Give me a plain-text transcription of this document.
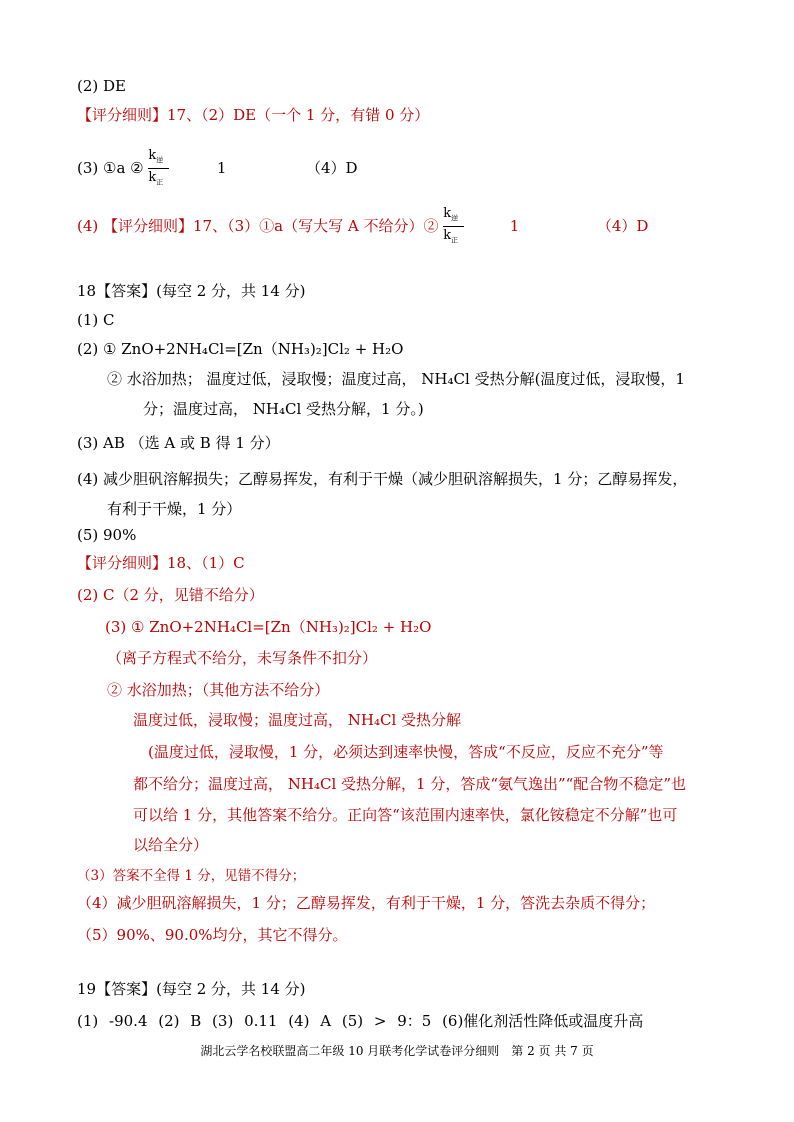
(2) DE
【评分细则】17、（2）DE（一个 1 分，有错 0 分）
(3) ①a ② $\frac{k_逆}{k_正}$	1	（4）D
(4) 【评分细则】17、（3）①a（写大写 A 不给分）② $\frac{k_逆}{k_正}$	1	（4）D
18【答案】(每空 2 分，共 14 分)
(1) C
(2) ① ZnO+2NH₄Cl=[Zn（NH₃)₂]Cl₂ + H₂O
② 水浴加热； 温度过低，浸取慢；温度过高， NH₄Cl 受热分解(温度过低，浸取慢，1
分；温度过高， NH₄Cl 受热分解，1 分。)
(3) AB （选 A 或 B 得 1 分）
(4) 减少胆矾溶解损失；乙醇易挥发，有利于干燥（减少胆矾溶解损失，1 分；乙醇易挥发，
有利于干燥，1 分）
(5) 90%
【评分细则】18、（1）C
(2) C（2 分，见错不给分）
(3) ① ZnO+2NH₄Cl=[Zn（NH₃)₂]Cl₂ + H₂O
（离子方程式不给分，未写条件不扣分）
② 水浴加热；（其他方法不给分）
温度过低，浸取慢；温度过高， NH₄Cl 受热分解
(温度过低，浸取慢，1 分，必须达到速率快慢，答成“不反应，反应不充分”等
都不给分；温度过高， NH₄Cl 受热分解，1 分，答成“氨气逸出”“配合物不稳定”也
可以给 1 分，其他答案不给分。正向答“该范围内速率快，氯化铵稳定不分解”也可
以给全分）
（3）答案不全得 1 分，见错不得分；
（4）减少胆矾溶解损失，1 分；乙醇易挥发，有利于干燥，1 分，答洗去杂质不得分；
（5）90%、90.0%均分，其它不得分。
19【答案】(每空 2 分，共 14 分)
(1) -90.4 (2) B (3) 0.11 (4) A (5) > 9：5 (6)催化剂活性降低或温度升高
湖北云学名校联盟高二年级 10 月联考化学试卷评分细则　第 2 页 共 7 页
